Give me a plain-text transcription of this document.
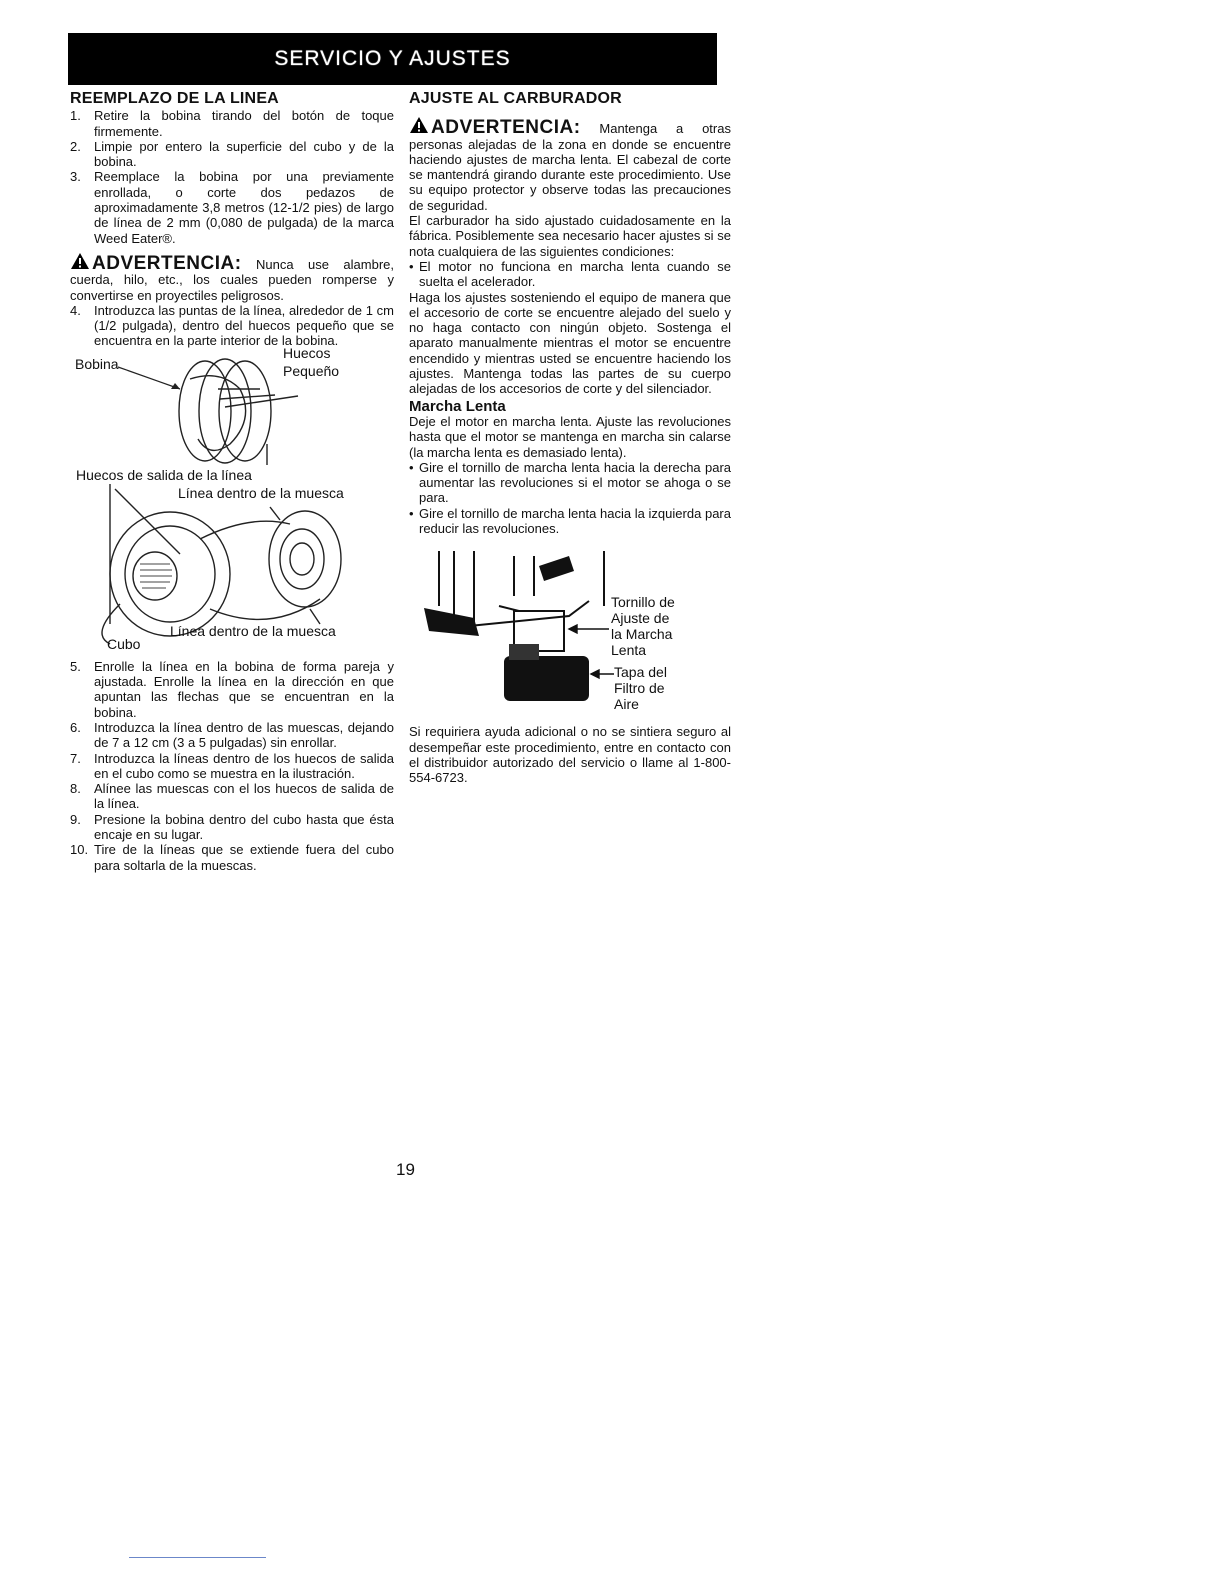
SERVICIO Y AJUSTES
REEMPLAZO DE LA LINEA
1. Retire la bobina tirando del botón de toque firmemente.
2. Limpie por entero la superficie del cubo y de la bobina.
3. Reemplace la bobina por una previamente enrollada, o corte dos pedazos de aproximadamente 3,8 metros (12-1/2 pies) de largo de línea de 2 mm (0,080 de pulgada) de la marca Weed Eater®.

ADVERTENCIA: Nunca use alambre, cuerda, hilo, etc., los cuales pueden romperse y convertirse en proyectiles peligrosos.

4. Introduzca las puntas de la línea, alrededor de 1 cm (1/2 pulgada), dentro del huecos pequeño que se encuentra en la parte interior de la bobina.
Bobina
Huecos
Pequeño
Huecos de salida de la línea
Línea dentro de la muesca
Línea dentro de la muesca
Cubo
5. Enrolle la línea en la bobina de forma pareja y ajustada. Enrolle la línea en la dirección en que apuntan las flechas que se encuentran en la bobina.
6. Introduzca la línea dentro de las muescas, dejando de 7 a 12 cm (3 a 5 pulgadas) sin enrollar.
7. Introduzca la líneas dentro de los huecos de salida en el cubo como se muestra en la ilustración.
8. Alínee las muescas con el los huecos de salida de la línea.
9. Presione la bobina dentro del cubo hasta que ésta encaje en su lugar.
10. Tire de la líneas que se extiende fuera del cubo para soltarla de la muescas.
AJUSTE AL CARBURADOR

ADVERTENCIA: Mantenga a otras personas alejadas de la zona en donde se encuentre haciendo ajustes de marcha lenta. El cabezal de corte se mantendrá girando durante este procedimiento. Use su equipo protector y observe todas las precauciones de seguridad.

El carburador ha sido ajustado cuidadosamente en la fábrica. Posiblemente sea necesario hacer ajustes si se nota cualquiera de las siguientes condiciones:

• El motor no funciona en marcha lenta cuando se suelta el acelerador.

Haga los ajustes sosteniendo el equipo de manera que el accesorio de corte se encuentre alejado del suelo y no haga contacto con ningún objeto. Sostenga el aparato manualmente mientras el motor se encuentre encendido y mientras usted se encuentre haciendo los ajustes. Mantenga todas las partes de su cuerpo alejadas de los accesorios de corte y del silenciador.

Marcha Lenta

Deje el motor en marcha lenta. Ajuste las revoluciones hasta que el motor se mantenga en marcha sin calarse (la marcha lenta es demasiado lenta).

• Gire el tornillo de marcha lenta hacia la derecha para aumentar las revoluciones si el motor se ahoga o se para.
• Gire el tornillo de marcha lenta hacia la izquierda para reducir las revoluciones.
Tornillo de
Ajuste de
la Marcha
Lenta
Tapa del
Filtro de
Aire

Si requiriera ayuda adicional o no se sintiera seguro al desempeñar este procedimiento, entre en contacto con el distribuidor autorizado del servicio o llame al 1-800-554-6723.

19
